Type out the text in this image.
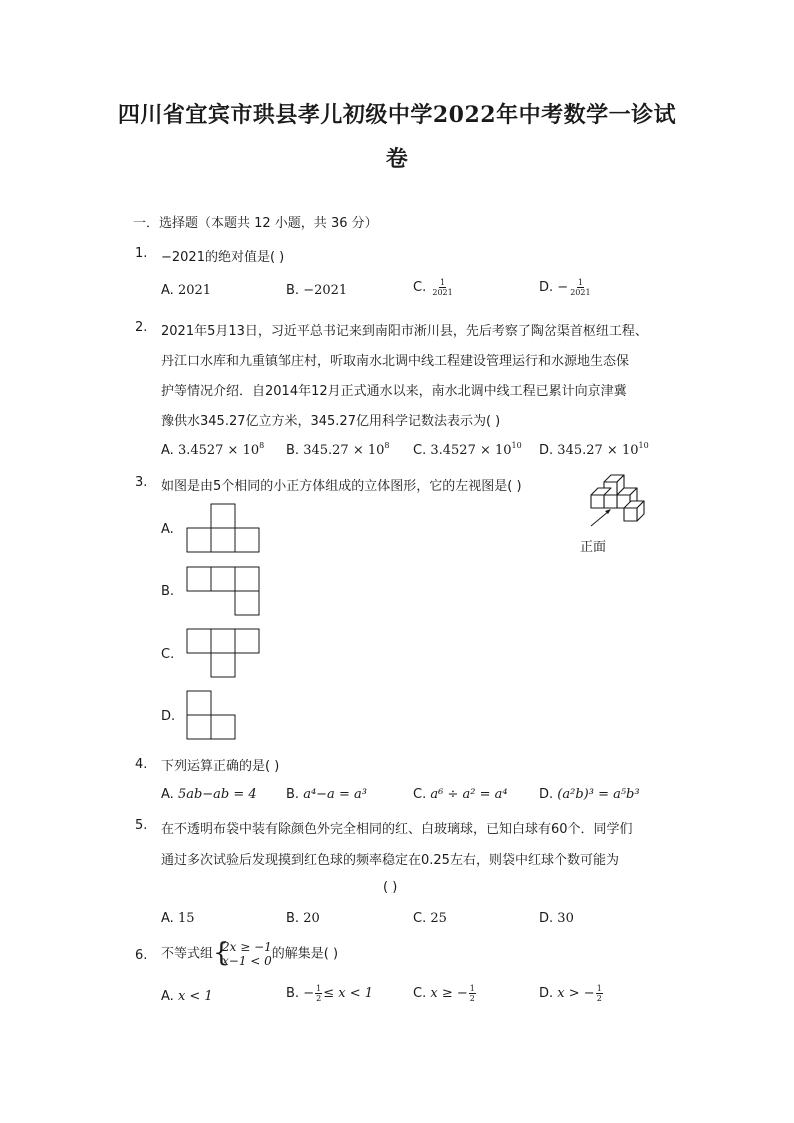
四川省宜宾市珙县孝儿初级中学2022年中考数学一诊试
卷
一．选择题（本题共 12 小题，共 36 分）
1. −2021的绝对值是( )
A. 2021	B. −2021	C. $\frac{1}{2021}$	D. − $\frac{1}{2021}$
2. 2021年5月13日，习近平总书记来到南阳市淅川县，先后考察了陶岔渠首枢纽工程、
丹江口水库和九重镇邹庄村，听取南水北调中线工程建设管理运行和水源地生态保
护等情况介绍．自2014年12月正式通水以来，南水北调中线工程已累计向京津冀
豫供水345.27亿立方米，345.27亿用科学记数法表示为( )
A. $3.4527 \times 10^8$ B. $345.27 \times 10^8$ C. $3.4527 \times 10^{10}$ D. $345.27 \times 10^{10}$
3. 如图是由5个相同的小正方体组成的立体图形，它的左视图是( )
正面
A.
B.
C.
D.
4. 下列运算正确的是( )
A. 5ab−ab = 4 B. a⁴−a = a³	C. a⁶ ÷ a² = a⁴ D. (a²b)³ = a⁵b³
5. 在不透明布袋中装有除颜色外完全相同的红、白玻璃球，已知白球有60个．同学们
通过多次试验后发现摸到红色球的频率稳定在0.25左右，则袋中红球个数可能为
( )
A. 15	B. 20	C. 25	D. 30
6. 不等式组 {
2x ≥ −1
x−1 < 0 的解集是( )
A. x < 1	B. − $\frac{1}{2} \le x < 1$	C. x ≥ − $\frac{1}{2}$	D. x > − $\frac{1}{2}$
